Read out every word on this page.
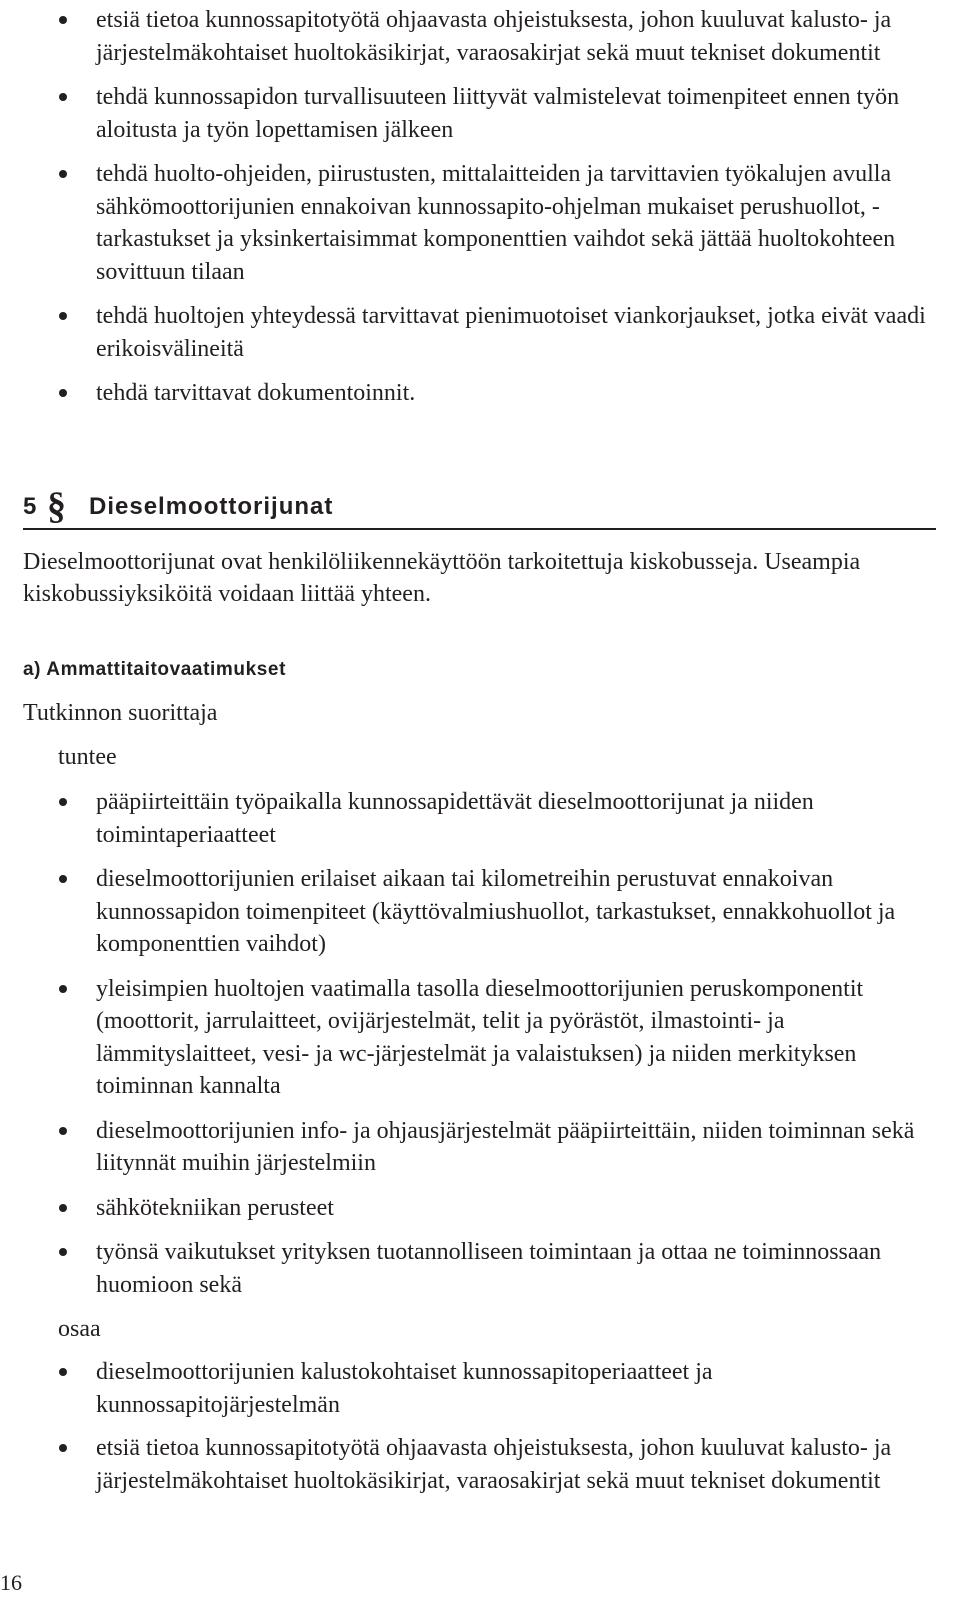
etsiä tietoa kunnossapitotyötä ohjaavasta ohjeistuksesta, johon kuuluvat kalusto- ja järjestelmäkohtaiset huoltokäsikirjat, varaosakirjat sekä muut tekniset dokumentit
tehdä kunnossapidon turvallisuuteen liittyvät valmistelevat toimenpiteet ennen työn aloitusta ja työn lopettamisen jälkeen
tehdä huolto-ohjeiden, piirustusten, mittalaitteiden ja tarvittavien työkalujen avulla sähkömoottorijunien ennakoivan kunnossapito-ohjelman mukaiset perushuollot, -tarkastukset ja yksinkertaisimmat komponenttien vaihdot sekä jättää huoltokohteen sovittuun tilaan
tehdä huoltojen yhteydessä tarvittavat pienimuotoiset viankorjaukset, jotka eivät vaadi erikoisvälineitä
tehdä tarvittavat dokumentoinnit.
5 § Dieselmoottorijunat

Dieselmoottorijunat ovat henkilöliikennekäyttöön tarkoitettuja kiskobusseja. Useampia kiskobussiyksiköitä voidaan liittää yhteen.

a) Ammattitaitovaatimukset

Tutkinnon suorittaja

tuntee

pääpiirteittäin työpaikalla kunnossapidettävät dieselmoottorijunat ja niiden toimintaperiaatteet
dieselmoottorijunien erilaiset aikaan tai kilometreihin perustuvat ennakoivan kunnossapidon toimenpiteet (käyttövalmiushuollot, tarkastukset, ennakkohuollot ja komponenttien vaihdot)
yleisimpien huoltojen vaatimalla tasolla dieselmoottorijunien peruskomponentit (moottorit, jarrulaitteet, ovijärjestelmät, telit ja pyörästöt, ilmastointi- ja lämmityslaitteet, vesi- ja wc-järjestelmät ja valaistuksen) ja niiden merkityksen toiminnan kannalta
dieselmoottorijunien info- ja ohjausjärjestelmät pääpiirteittäin, niiden toiminnan sekä liitynnät muihin järjestelmiin
sähkötekniikan perusteet
työnsä vaikutukset yrityksen tuotannolliseen toimintaan ja ottaa ne toiminnossaan huomioon sekä

osaa

dieselmoottorijunien kalustokohtaiset kunnossapitoperiaatteet ja kunnossapitojärjestelmän
etsiä tietoa kunnossapitotyötä ohjaavasta ohjeistuksesta, johon kuuluvat kalusto- ja järjestelmäkohtaiset huoltokäsikirjat, varaosakirjat sekä muut tekniset dokumentit
16
